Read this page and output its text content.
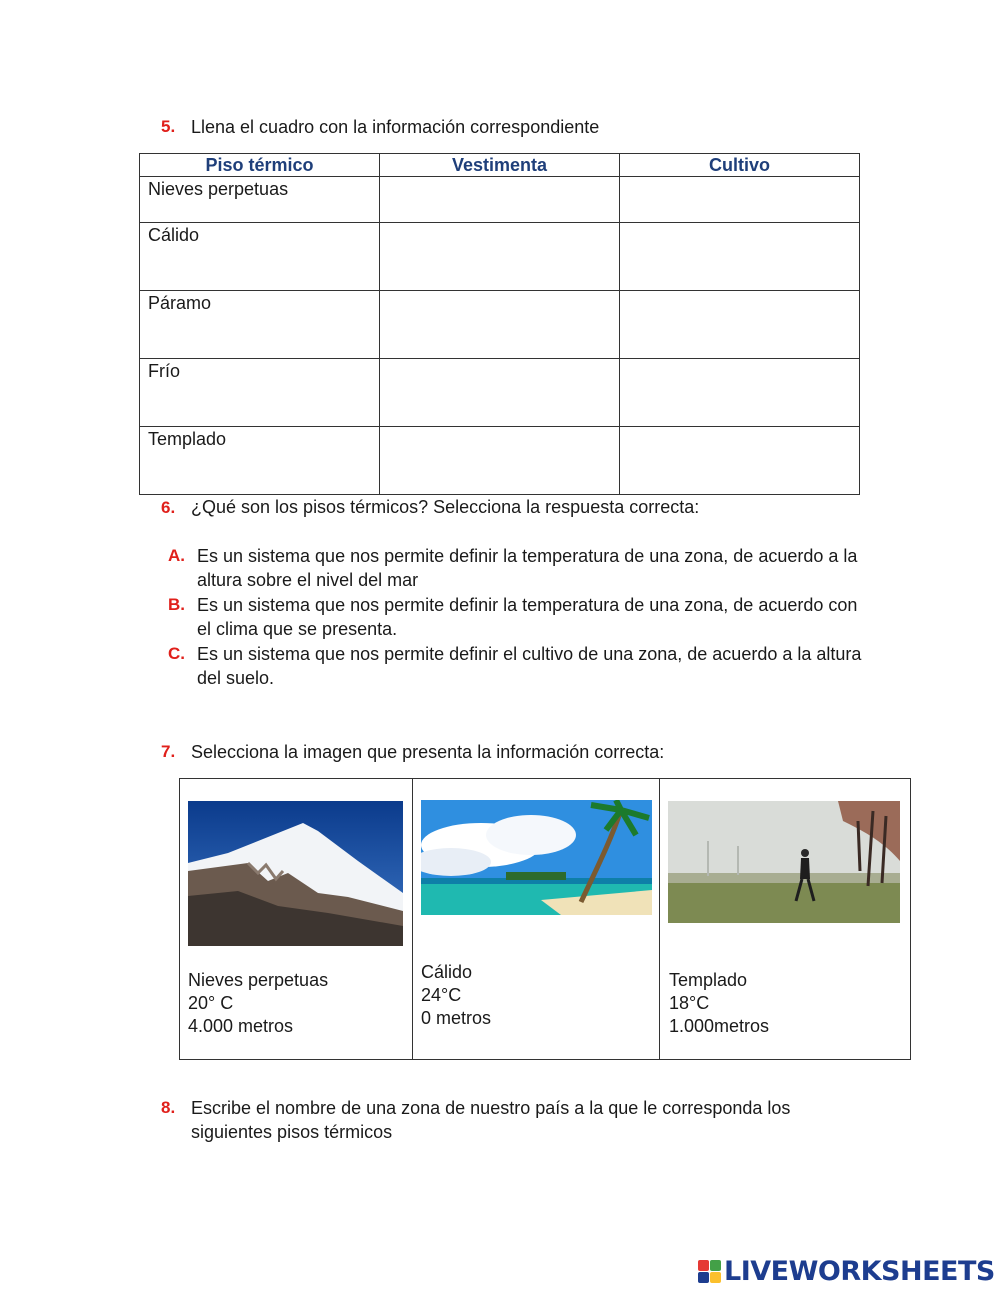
5. Llena el cuadro con la información correspondiente
Piso térmico	Vestimenta	Cultivo
Nieves perpetuas		
Cálido		
Páramo		
Frío		
Templado		
6. ¿Qué son los pisos térmicos? Selecciona la respuesta correcta:
A. Es un sistema que nos permite definir la temperatura de una zona, de acuerdo a la altura sobre el nivel del mar
B. Es un sistema que nos permite definir la temperatura de una zona, de acuerdo con el clima que se presenta.
C. Es un sistema que nos permite definir el cultivo de una zona, de acuerdo a la altura del suelo.
7. Selecciona la imagen que presenta la información correcta:
Nieves perpetuas
20° C
4.000 metros
Cálido
24°C
0 metros
Templado
18°C
1.000metros
8. Escribe el nombre de una zona de nuestro país a la que le corresponda los siguientes pisos térmicos
LIVEWORKSHEETS
